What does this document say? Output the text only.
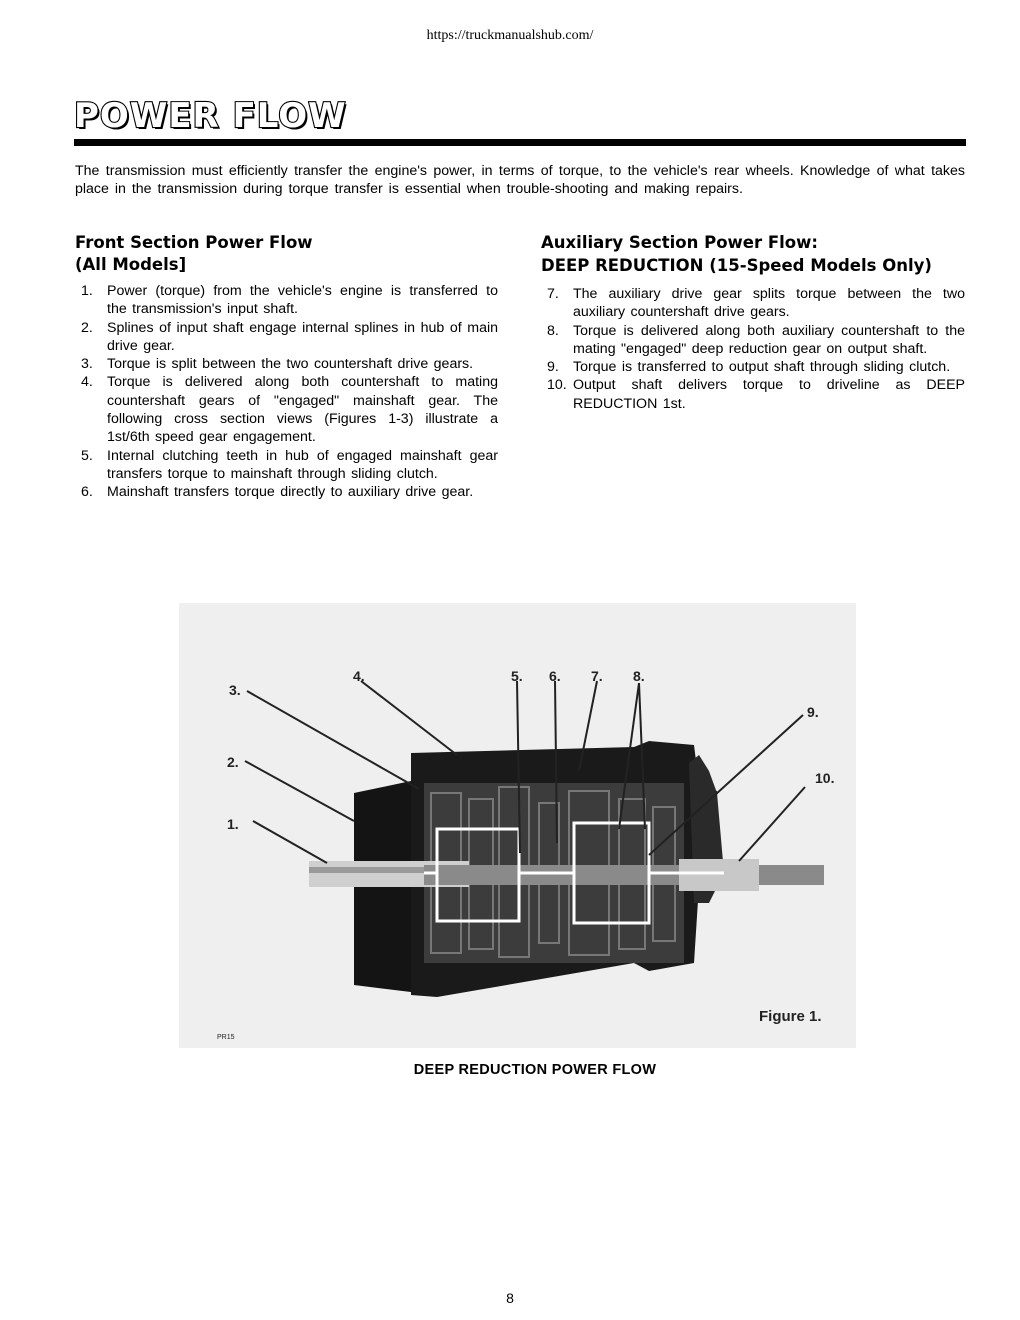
https://truckmanualshub.com/
POWER FLOW

The transmission must efficiently transfer the engine's power, in terms of torque, to the vehicle's rear wheels. Knowledge of what takes place in the transmission during torque transfer is essential when trouble-shooting and making repairs.

Front Section Power Flow
(All Models]
1. Power (torque) from the vehicle's engine is transferred to the transmission's input shaft.
2. Splines of input shaft engage internal splines in hub of main drive gear.
3. Torque is split between the two countershaft drive gears.
4. Torque is delivered along both countershaft to mating countershaft gears of "engaged" mainshaft gear. The following cross section views (Figures 1-3) illustrate a 1st/6th speed gear engagement.
5. Internal clutching teeth in hub of engaged mainshaft gear transfers torque to mainshaft through sliding clutch.
6. Mainshaft transfers torque directly to auxiliary drive gear.
Auxiliary Section Power Flow:
DEEP REDUCTION (15-Speed Models Only)
7. The auxiliary drive gear splits torque between the two auxiliary countershaft drive gears.
8. Torque is delivered along both auxiliary countershaft to the mating "engaged" deep reduction gear on output shaft.
9. Torque is transferred to output shaft through sliding clutch.
10. Output shaft delivers torque to driveline as DEEP REDUCTION 1st.
3.
2.
1.
4.	5. 6. 7. 8.
9.
10.
Figure 1.
PR15
DEEP REDUCTION POWER FLOW
8
